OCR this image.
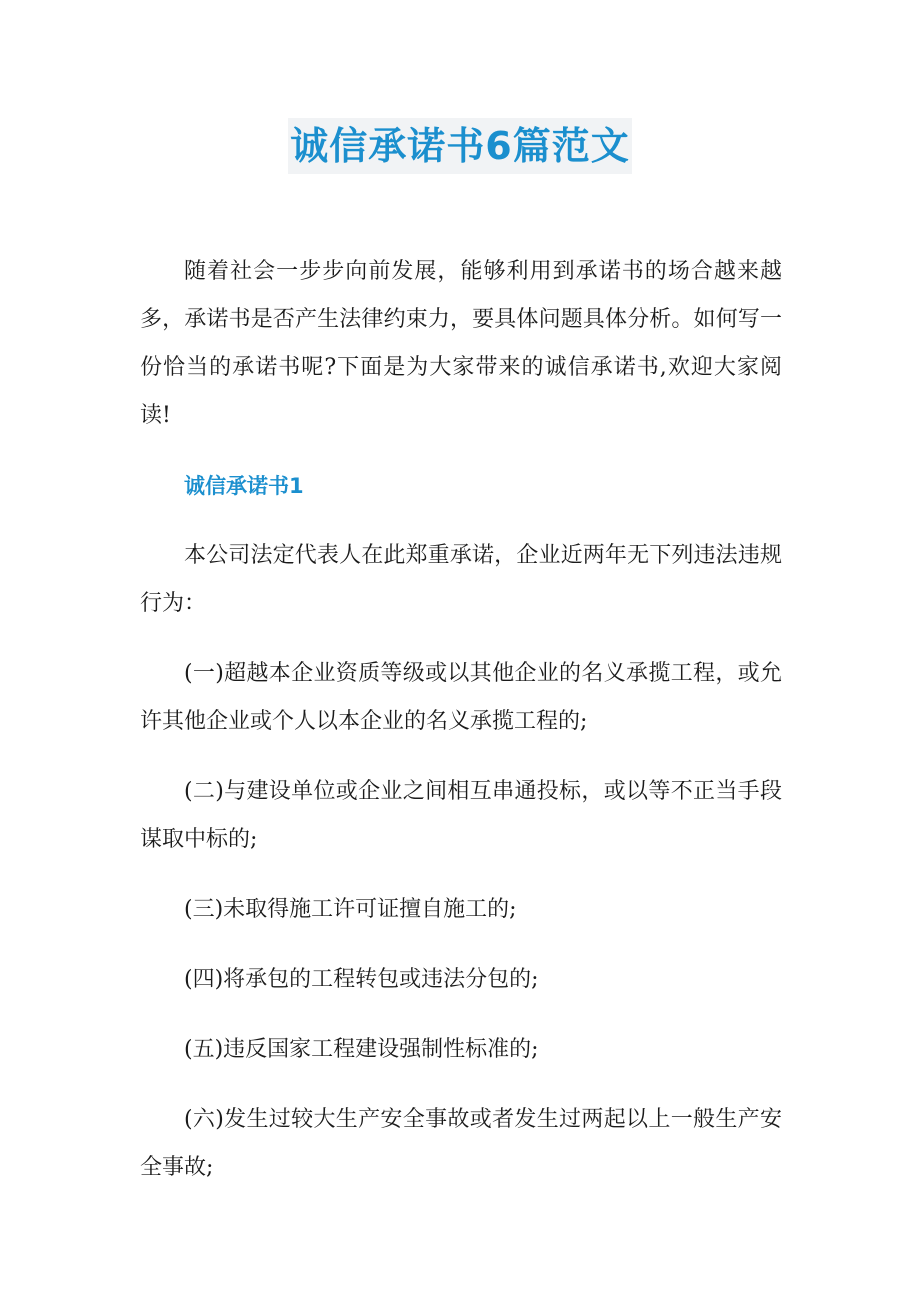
诚信承诺书6篇范文

随着社会一步步向前发展，能够利用到承诺书的场合越来越多，承诺书是否产生法律约束力，要具体问题具体分析。如何写一份恰当的承诺书呢?下面是为大家带来的诚信承诺书,欢迎大家阅读!

诚信承诺书1

本公司法定代表人在此郑重承诺，企业近两年无下列违法违规行为：

(一)超越本企业资质等级或以其他企业的名义承揽工程，或允许其他企业或个人以本企业的名义承揽工程的;

(二)与建设单位或企业之间相互串通投标，或以等不正当手段谋取中标的;

(三)未取得施工许可证擅自施工的;

(四)将承包的工程转包或违法分包的;

(五)违反国家工程建设强制性标准的;

(六)发生过较大生产安全事故或者发生过两起以上一般生产安全事故;
